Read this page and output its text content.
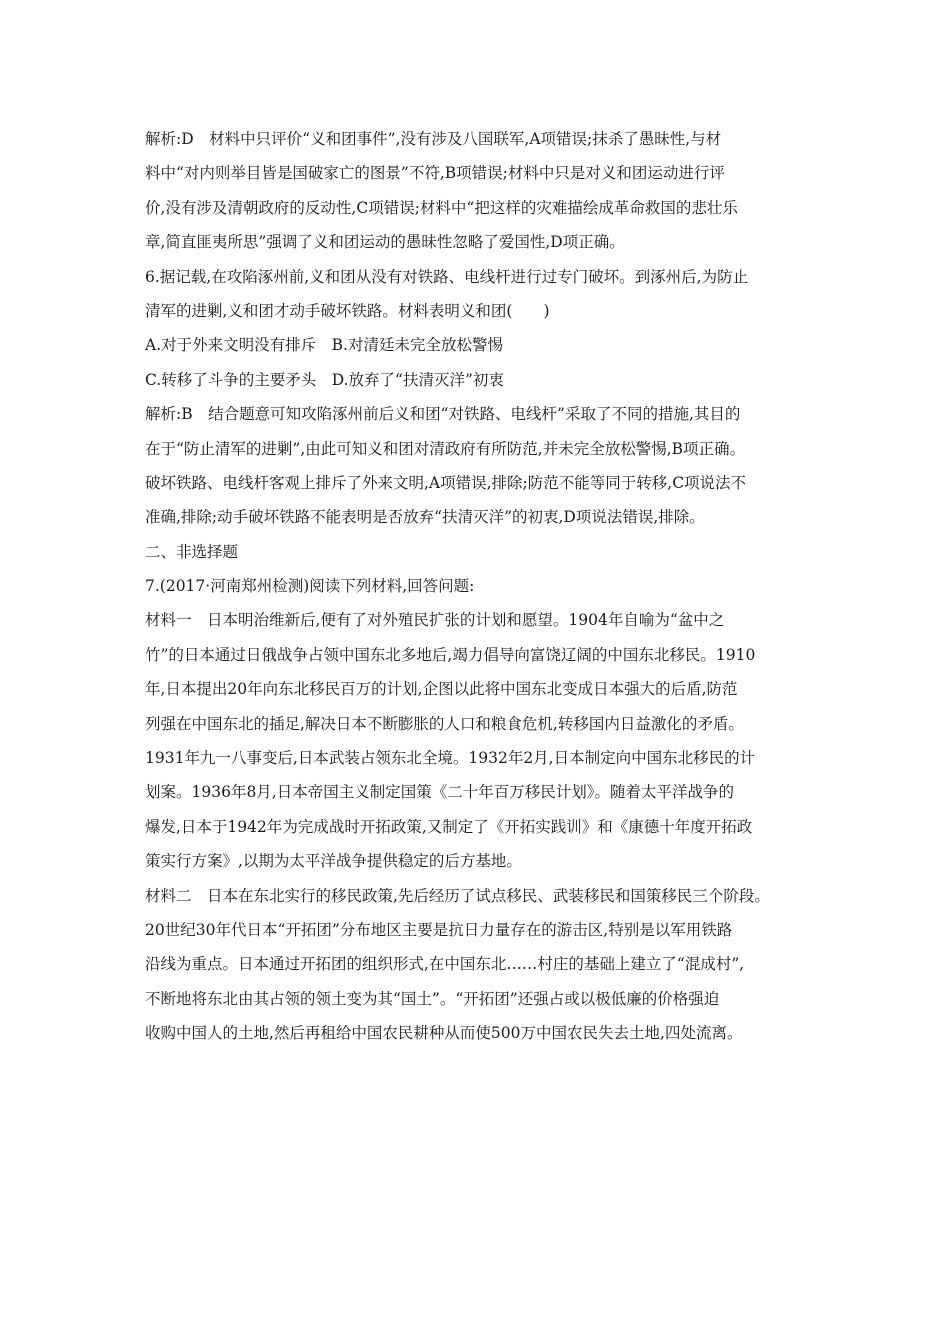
解析:D　材料中只评价“义和团事件”,没有涉及八国联军,A项错误;抹杀了愚昧性,与材
料中“对内则举目皆是国破家亡的图景”不符,B项错误;材料中只是对义和团运动进行评
价,没有涉及清朝政府的反动性,C项错误;材料中“把这样的灾难描绘成革命救国的悲壮乐
章,简直匪夷所思”强调了义和团运动的愚昧性忽略了爱国性,D项正确。
6.据记载,在攻陷涿州前,义和团从没有对铁路、电线杆进行过专门破坏。到涿州后,为防止
清军的进剿,义和团才动手破坏铁路。材料表明义和团(　　)
A.对于外来文明没有排斥　B.对清廷未完全放松警惕
C.转移了斗争的主要矛头　D.放弃了“扶清灭洋”初衷
解析:B　结合题意可知攻陷涿州前后义和团“对铁路、电线杆”采取了不同的措施,其目的
在于“防止清军的进剿”,由此可知义和团对清政府有所防范,并未完全放松警惕,B项正确。
破坏铁路、电线杆客观上排斥了外来文明,A项错误,排除;防范不能等同于转移,C项说法不
准确,排除;动手破坏铁路不能表明是否放弃“扶清灭洋”的初衷,D项说法错误,排除。
二、非选择题
7.(2017·河南郑州检测)阅读下列材料,回答问题:
材料一　日本明治维新后,便有了对外殖民扩张的计划和愿望。1904年自喻为“盆中之
竹”的日本通过日俄战争占领中国东北多地后,竭力倡导向富饶辽阔的中国东北移民。1910
年,日本提出20年向东北移民百万的计划,企图以此将中国东北变成日本强大的后盾,防范
列强在中国东北的插足,解决日本不断膨胀的人口和粮食危机,转移国内日益激化的矛盾。
1931年九一八事变后,日本武装占领东北全境。1932年2月,日本制定向中国东北移民的计
划案。1936年8月,日本帝国主义制定国策《二十年百万移民计划》。随着太平洋战争的
爆发,日本于1942年为完成战时开拓政策,又制定了《开拓实践训》和《康德十年度开拓政
策实行方案》,以期为太平洋战争提供稳定的后方基地。
材料二　日本在东北实行的移民政策,先后经历了试点移民、武装移民和国策移民三个阶段。
20世纪30年代日本“开拓团”分布地区主要是抗日力量存在的游击区,特别是以军用铁路
沿线为重点。日本通过开拓团的组织形式,在中国东北……村庄的基础上建立了“混成村”,
不断地将东北由其占领的领土变为其“国土”。“开拓团”还强占或以极低廉的价格强迫
收购中国人的土地,然后再租给中国农民耕种从而使500万中国农民失去土地,四处流离。
